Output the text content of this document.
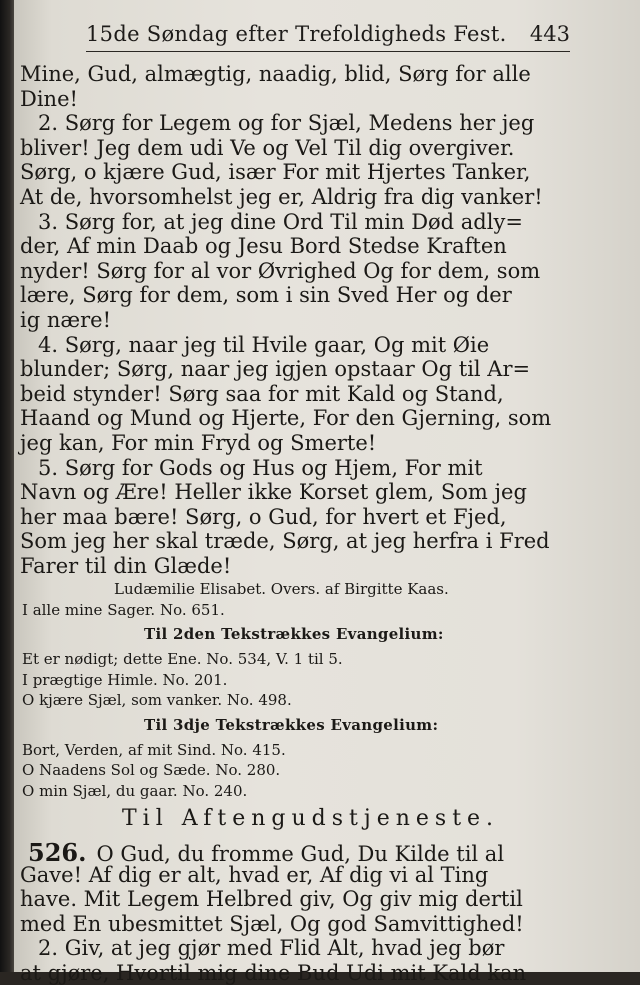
15de Søndag efter Trefoldigheds Fest. 443
Mine, Gud, almægtig, naadig, blid, Sørg for alle
Dine!
2. Sørg for Legem og for Sjæl, Medens her jeg
bliver! Jeg dem udi Ve og Vel Til dig overgiver.
Sørg, o kjære Gud, især For mit Hjertes Tanker,
At de, hvorsomhelst jeg er, Aldrig fra dig vanker!
3. Sørg for, at jeg dine Ord Til min Død adly=
der, Af min Daab og Jesu Bord Stedse Kraften
nyder! Sørg for al vor Øvrighed Og for dem, som
lære, Sørg for dem, som i sin Sved Her og der
ig nære!
4. Sørg, naar jeg til Hvile gaar, Og mit Øie
blunder; Sørg, naar jeg igjen opstaar Og til Ar=
beid stynder! Sørg saa for mit Kald og Stand,
Haand og Mund og Hjerte, For den Gjerning, som
jeg kan, For min Fryd og Smerte!
5. Sørg for Gods og Hus og Hjem, For mit
Navn og Ære! Heller ikke Korset glem, Som jeg
her maa bære! Sørg, o Gud, for hvert et Fjed,
Som jeg her skal træde, Sørg, at jeg herfra i Fred
Farer til din Glæde!
Ludæmilie Elisabet. Overs. af Birgitte Kaas.
I alle mine Sager. No. 651.
Til 2den Tekstrækkes Evangelium:
Et er nødigt; dette Ene. No. 534, V. 1 til 5.
I prægtige Himle. No. 201.
O kjære Sjæl, som vanker. No. 498.
Til 3dje Tekstrækkes Evangelium:
Bort, Verden, af mit Sind. No. 415.
O Naadens Sol og Sæde. No. 280.
O min Sjæl, du gaar. No. 240.
Til Aftengudstjeneste.
526. O Gud, du fromme Gud, Du Kilde til al
Gave! Af dig er alt, hvad er, Af dig vi al Ting
have. Mit Legem Helbred giv, Og giv mig dertil
med En ubesmittet Sjæl, Og god Samvittighed!
2. Giv, at jeg gjør med Flid Alt, hvad jeg bør
at gjøre, Hvortil mig dine Bud Udi mit Kald kan
